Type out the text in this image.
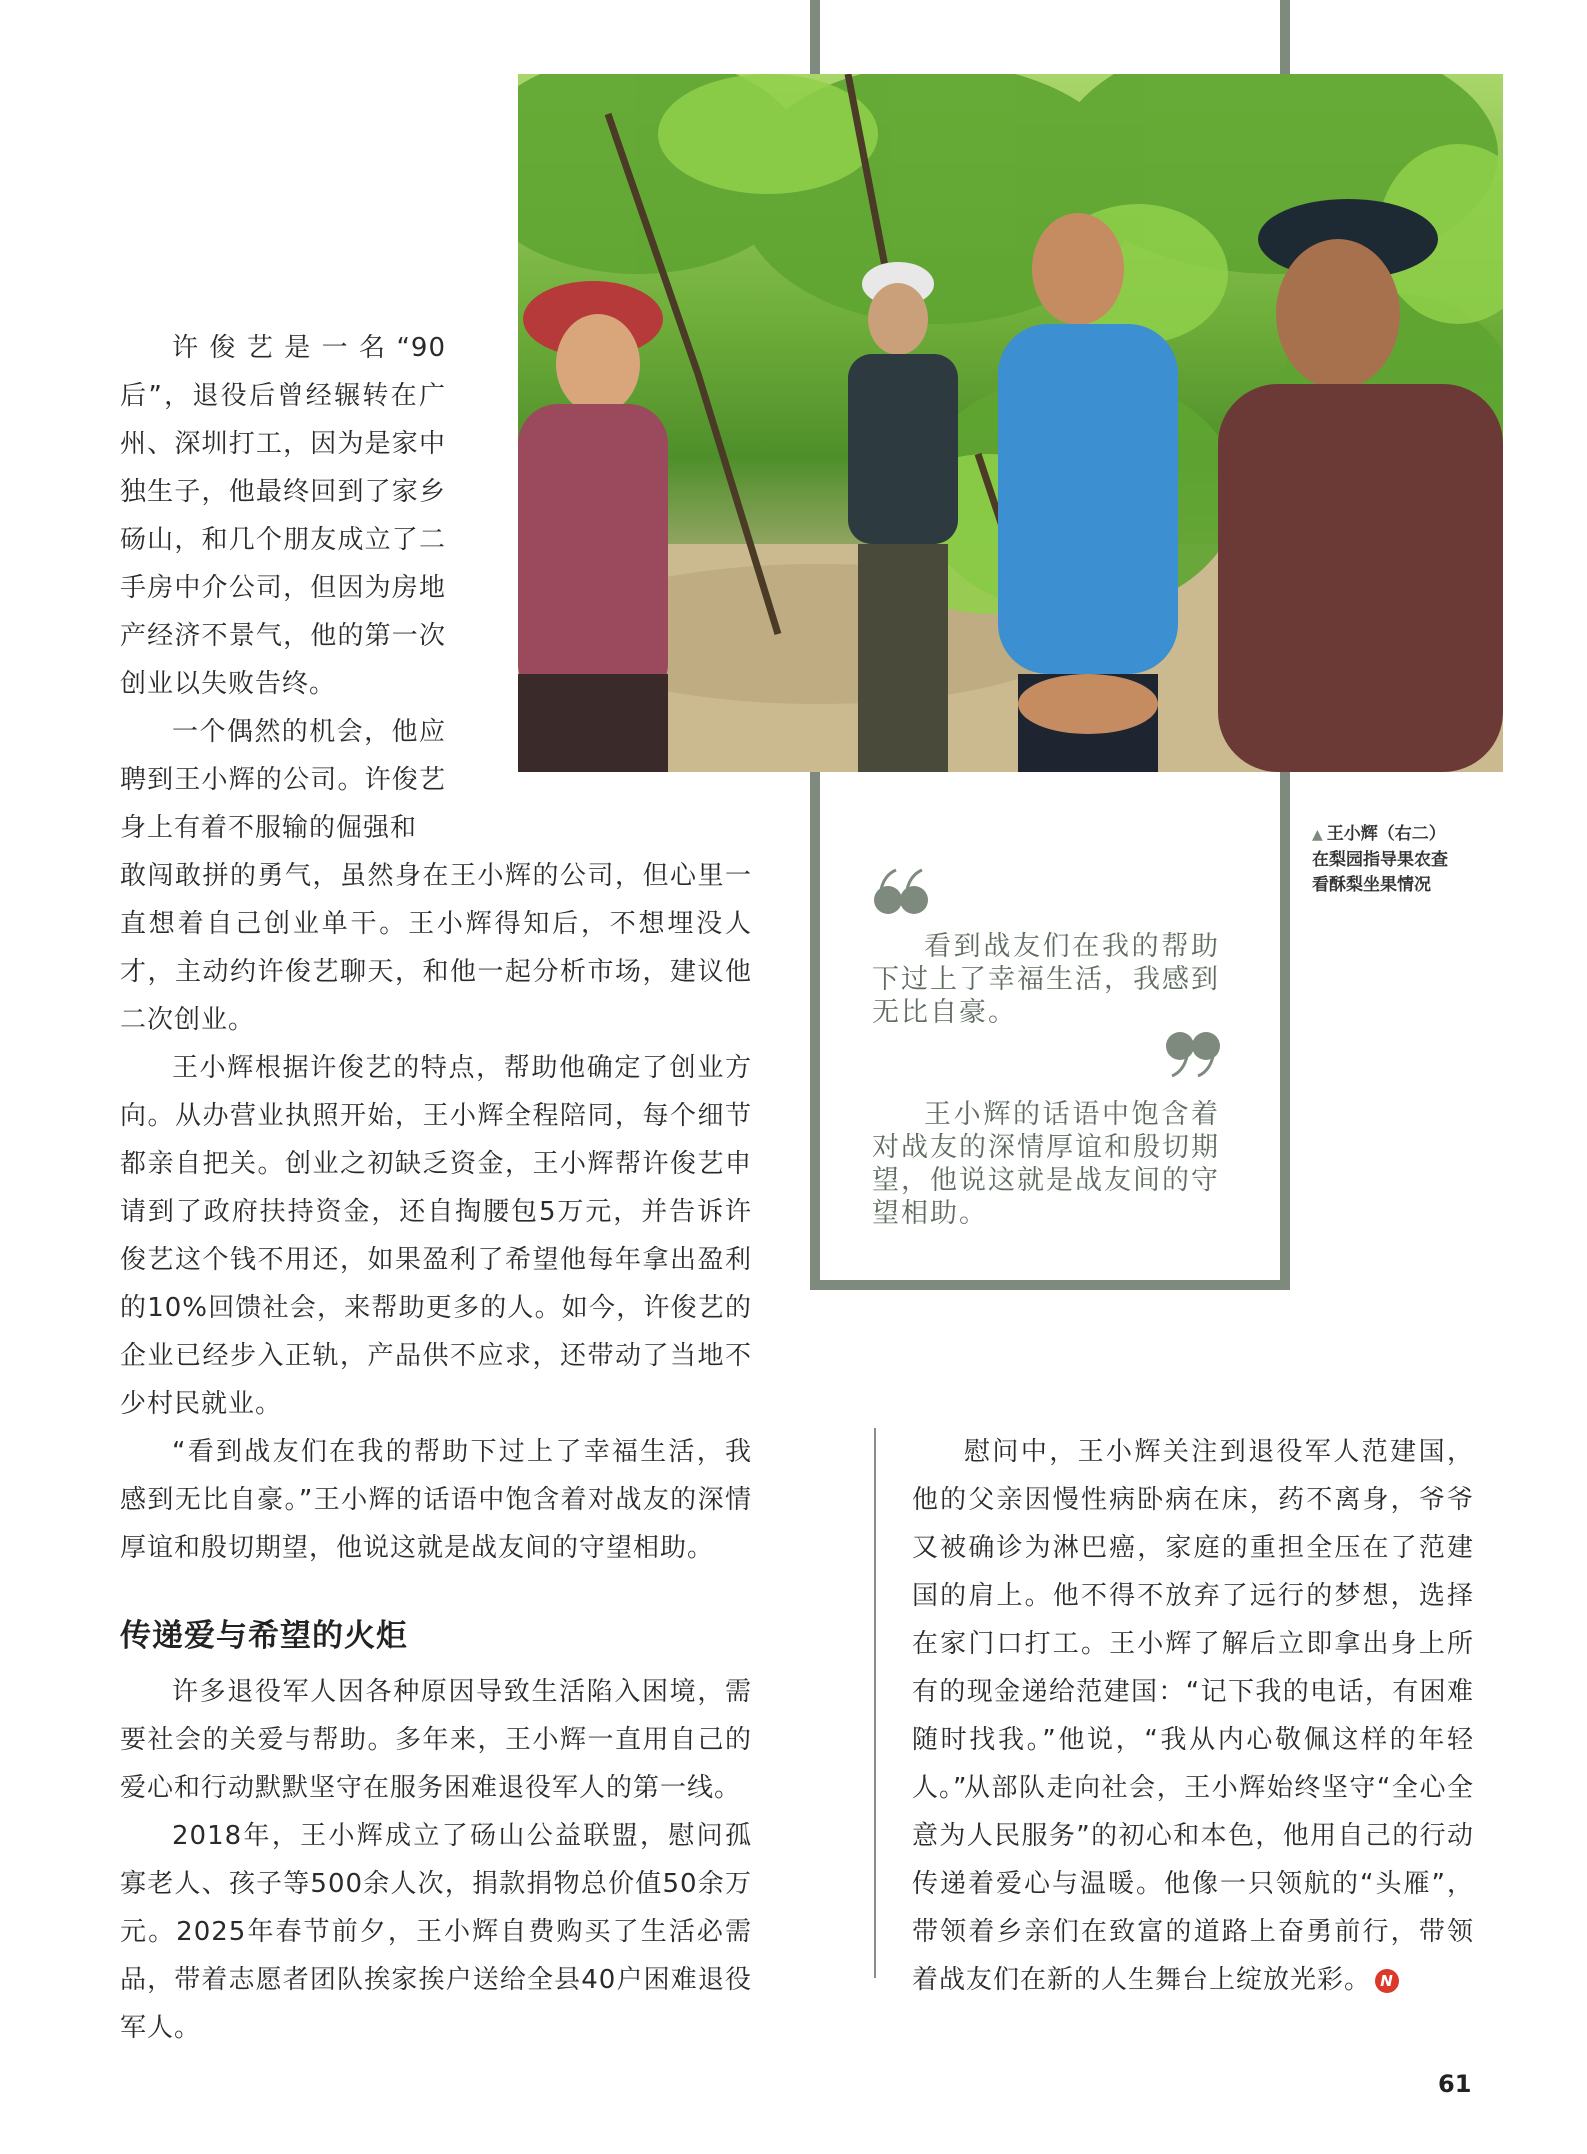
▲ 王小辉（右二）
在梨园指导果农查
看酥梨坐果情况

看到战友们在我的帮助下过上了幸福生活，我感到无比自豪。

王小辉的话语中饱含着对战友的深情厚谊和殷切期望，他说这就是战友间的守望相助。

许俊艺是一名“90后”，退役后曾经辗转在广州、深圳打工，因为是家中独生子，他最终回到了家乡砀山，和几个朋友成立了二手房中介公司，但因为房地产经济不景气，他的第一次创业以失败告终。

一个偶然的机会，他应聘到王小辉的公司。许俊艺身上有着不服输的倔强和

敢闯敢拼的勇气，虽然身在王小辉的公司，但心里一直想着自己创业单干。王小辉得知后，不想埋没人才，主动约许俊艺聊天，和他一起分析市场，建议他二次创业。

王小辉根据许俊艺的特点，帮助他确定了创业方向。从办营业执照开始，王小辉全程陪同，每个细节都亲自把关。创业之初缺乏资金，王小辉帮许俊艺申请到了政府扶持资金，还自掏腰包5万元，并告诉许俊艺这个钱不用还，如果盈利了希望他每年拿出盈利的10%回馈社会，来帮助更多的人。如今，许俊艺的企业已经步入正轨，产品供不应求，还带动了当地不少村民就业。

“看到战友们在我的帮助下过上了幸福生活，我感到无比自豪。”王小辉的话语中饱含着对战友的深情厚谊和殷切期望，他说这就是战友间的守望相助。

传递爱与希望的火炬

许多退役军人因各种原因导致生活陷入困境，需要社会的关爱与帮助。多年来，王小辉一直用自己的爱心和行动默默坚守在服务困难退役军人的第一线。

2018年，王小辉成立了砀山公益联盟，慰问孤寡老人、孩子等500余人次，捐款捐物总价值50余万元。2025年春节前夕，王小辉自费购买了生活必需品，带着志愿者团队挨家挨户送给全县40户困难退役军人。

慰问中，王小辉关注到退役军人范建国，他的父亲因慢性病卧病在床，药不离身，爷爷又被确诊为淋巴癌，家庭的重担全压在了范建国的肩上。他不得不放弃了远行的梦想，选择在家门口打工。王小辉了解后立即拿出身上所有的现金递给范建国：“记下我的电话，有困难随时找我。”他说，“我从内心敬佩这样的年轻人。”

从部队走向社会，王小辉始终坚守“全心全意为人民服务”的初心和本色，他用自己的行动传递着爱心与温暖。他像一只领航的“头雁”，带领着乡亲们在致富的道路上奋勇前行，带领着战友们在新的人生舞台上绽放光彩。 N

61
